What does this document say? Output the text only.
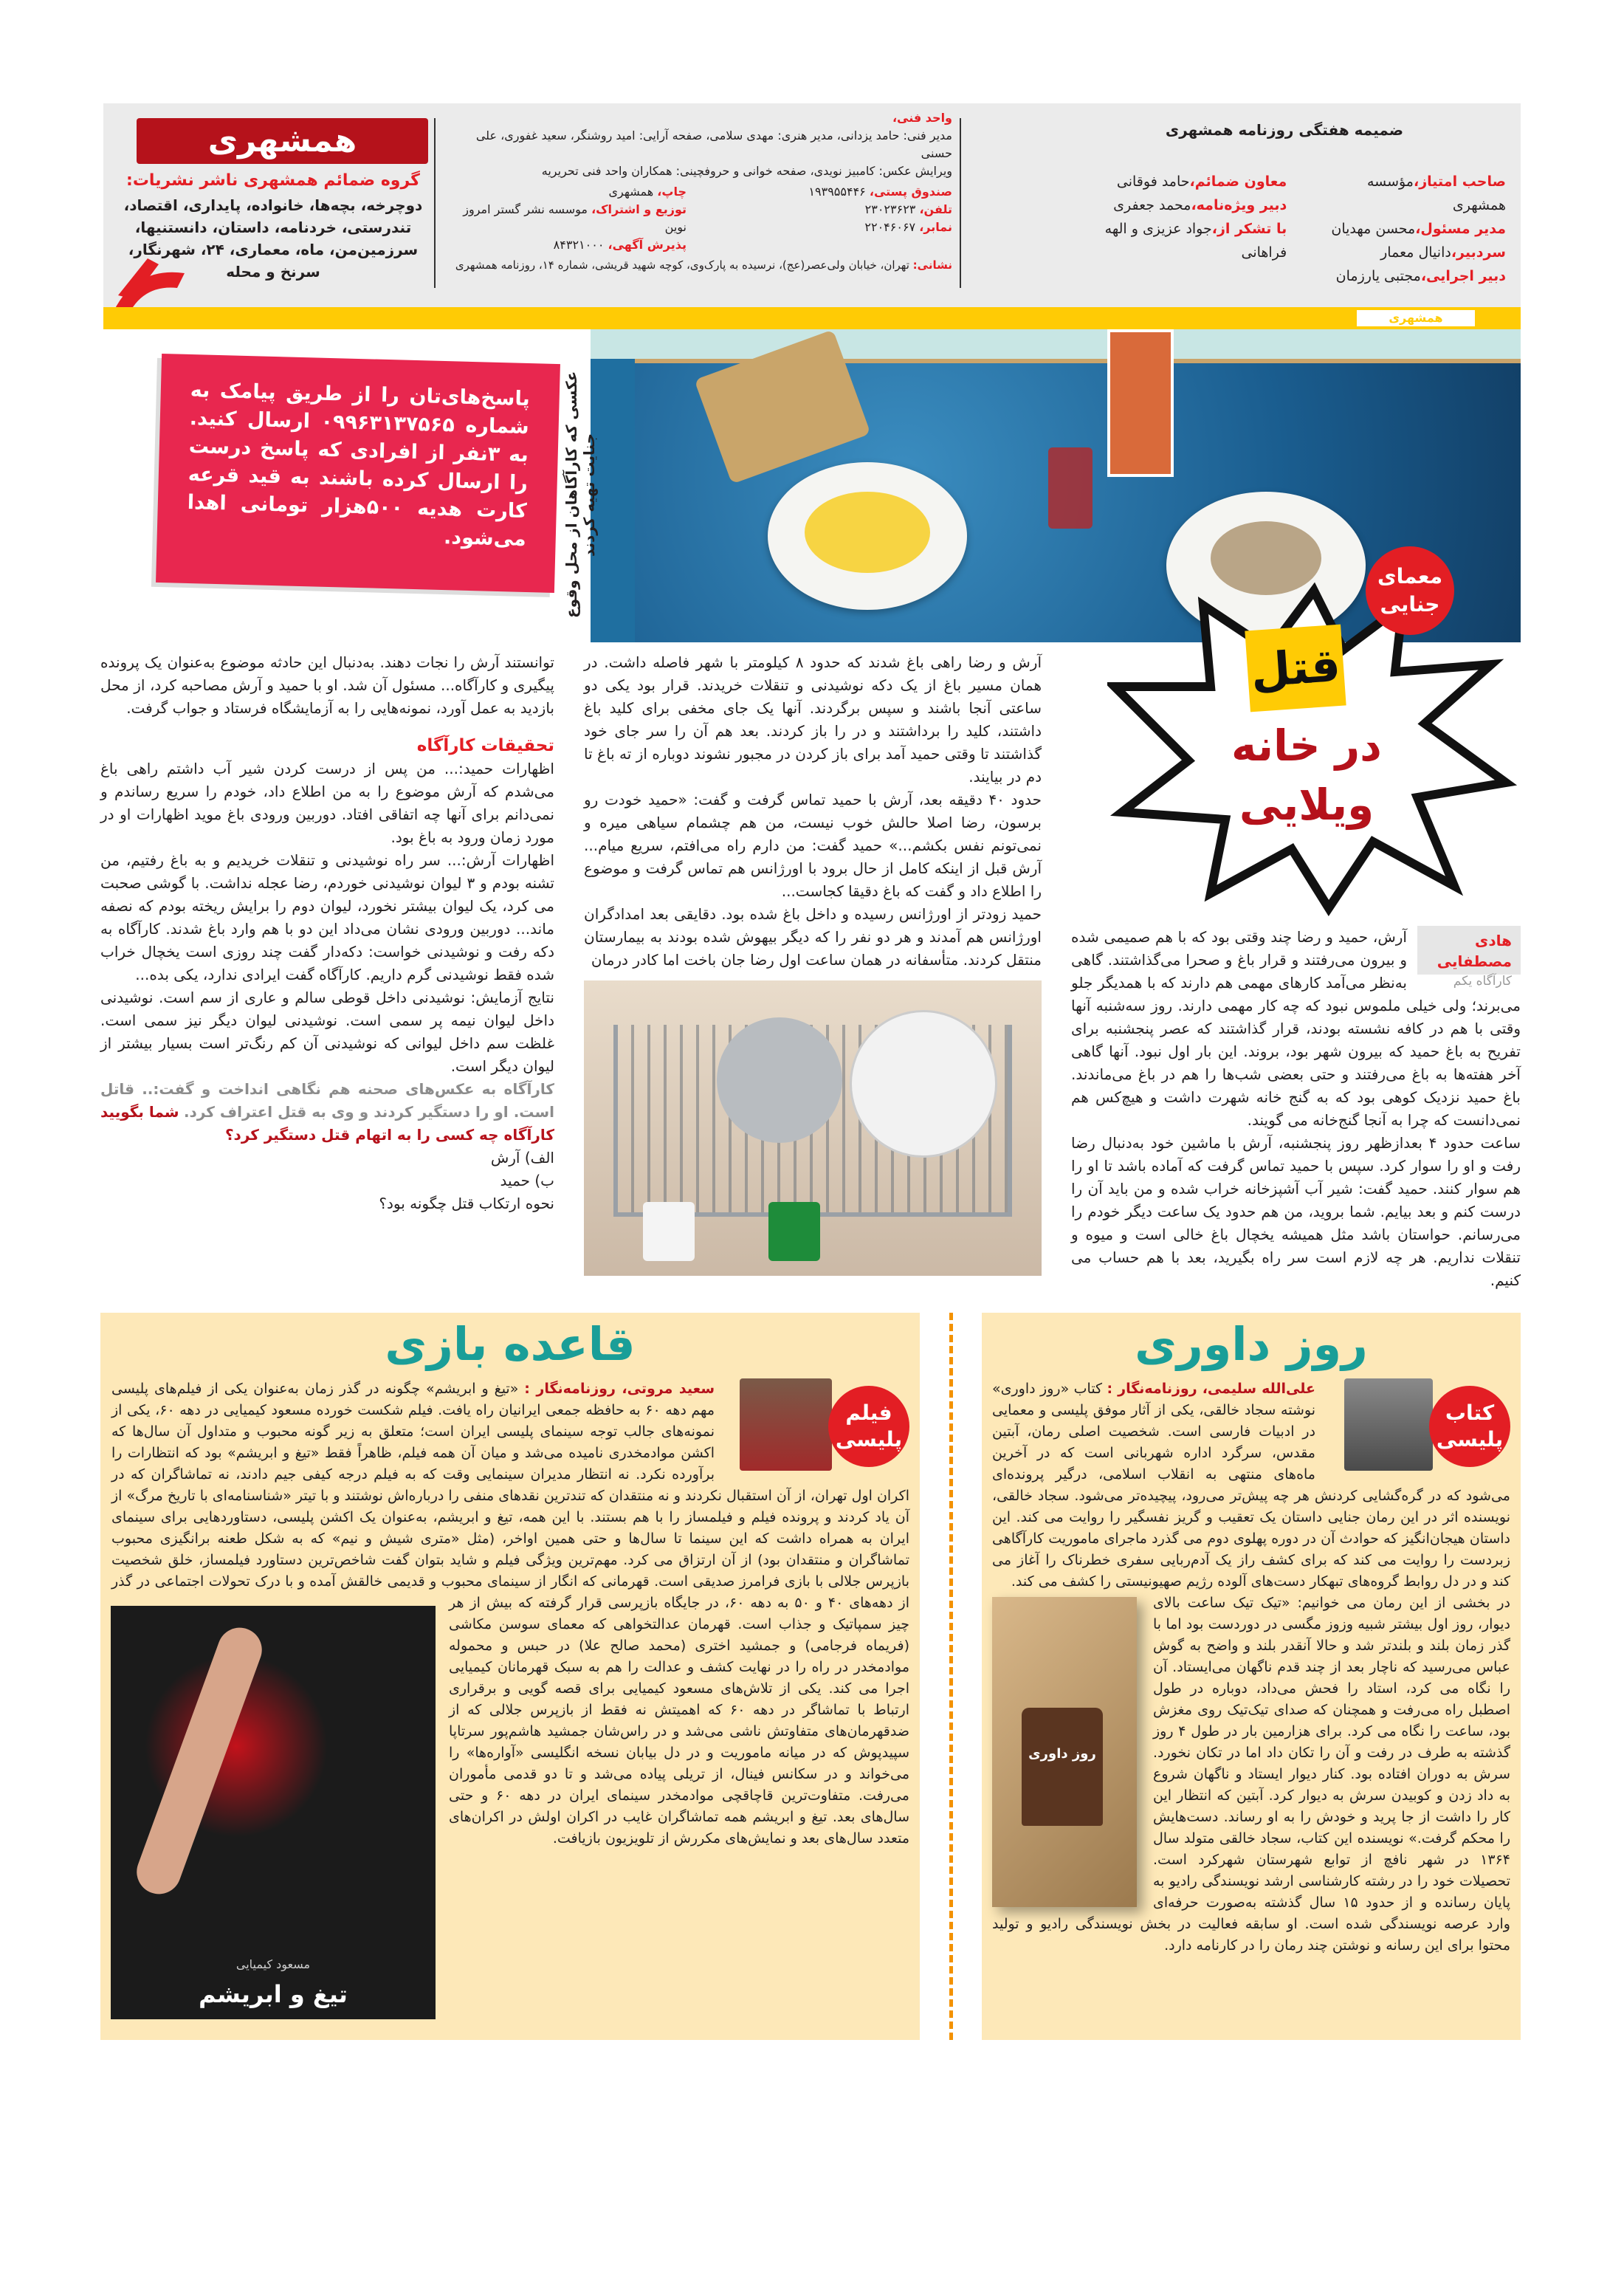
همشهری
گروه ضمائم همشهری ناشر نشریات:
دوچرخه، بچه‌ها، خانواده، پایداری، اقتصاد،
تندرستی، خردنامه، داستان، دانستنیها،
سرزمین‌من، ماه، معماری، ۲۴، شهرنگار،
سرنخ و محله
واحد فنی،
مدیر فنی: حامد یزدانی، مدیر هنری: مهدی سلامی، صفحه آرایی: امید روشنگر، سعید غفوری، علی حسنی
ویرایش عکس: کامبیز نویدی، صفحه خوانی و حروفچینی: همکاران واحد فنی تحریریه
صندوق پستی، ۱۹۳۹۵۵۴۴۶
تلفن، ۲۳۰۲۳۶۲۳
نمابر، ۲۲۰۴۶۰۶۷
چاپ، همشهری
توزیع و اشتراک، موسسه نشر گستر امروز نوین
پذیرش آگهی، ۸۴۳۲۱۰۰۰
نشانی: تهران، خیابان ولی‌عصر(عج)، نرسیده به پارک‌وی، کوچه شهید قریشی، شماره ۱۴، روزنامه همشهری
ضمیمه هفتگی روزنامه همشهری
صاحب امتیاز،مؤسسه همشهری
مدیر مسئول،محسن مهدیان
سردبیر،دانیال معمار
دبیر اجرایی،مجتبی یارزمان
معاون ضمائم،حامد فوقانی
دبیر ویژه‌نامه،محمد جعفری
با تشکر از،جواد عزیزی و الهه فراهانی
همشهری
پاسخ‌های‌تان را از طریق پیامک به شماره ۰۹۹۶۳۱۳۷۵۶۵ ارسال کنید. به ۳نفر از افرادی که پاسخ درست را ارسال کرده باشند به قید قرعه کارت هدیه ۵۰۰هزار تومانی اهدا می‌شود.	عکسی که کارآگاهان از محل وقوع جنایت تهیه کردند
قتل
در خانه
ویلایی
معمای
جنایی

توانستند آرش را نجات دهند. به‌دنبال این حادثه موضوع به‌عنوان یک پرونده پیگیری و کارآگاه... مسئول آن شد. او با حمید و آرش مصاحبه کرد، از محل بازدید به عمل آورد، نمونه‌هایی را به آزمایشگاه فرستاد و جواب گرفت.

تحقیقات کارآگاه

اظهارات حمید:... من پس از درست کردن شیر آب داشتم راهی باغ می‌شدم که آرش موضوع را به من اطلاع داد، خودم را سریع رساندم و نمی‌دانم برای آنها چه اتفاقی افتاد. دوربین ورودی باغ موید اظهارات او در مورد زمان ورود به باغ بود.

اظهارات آرش:... سر راه نوشیدنی و تنقلات خریدیم و به باغ رفتیم، من تشنه بودم و ۳ لیوان نوشیدنی خوردم، رضا عجله نداشت. با گوشی صحبت می کرد، یک لیوان بیشتر نخورد، لیوان دوم را برایش ریخته بودم که نصفه ماند... دوربین ورودی نشان می‌داد این دو با هم وارد باغ شدند. کارآگاه به دکه رفت و نوشیدنی خواست: دکه‌دار گفت چند روزی است یخچال خراب شده فقط نوشیدنی گرم داریم. کارآگاه گفت ایرادی ندارد، یکی بده...

نتایج آزمایش: نوشیدنی داخل قوطی سالم و عاری از سم است. نوشیدنی داخل لیوان نیمه پر سمی است. نوشیدنی لیوان دیگر نیز سمی است. غلظت سم داخل لیوانی که نوشیدنی آن کم رنگ‌تر است بسیار بیشتر از لیوان دیگر است.

کارآگاه به عکس‌های صحنه هم نگاهی انداخت و گفت:.. قاتل است. او را دستگیر کردند و وی به قتل اعتراف کرد. شما بگویید کارآگاه چه کسی را به اتهام قتل دستگیر کرد؟

الف) آرش

ب) حمید

نحوه ارتکاب قتل چگونه بود؟

آرش و رضا راهی باغ شدند که حدود ۸ کیلومتر با شهر فاصله داشت. در همان مسیر باغ از یک دکه نوشیدنی و تنقلات خریدند. قرار بود یکی دو ساعتی آنجا باشند و سپس برگردند. آنها یک جای مخفی برای کلید باغ داشتند، کلید را برداشتند و در را باز کردند. بعد هم آن را سر جای خود گذاشتند تا وقتی حمید آمد برای باز کردن در مجبور نشوند دوباره از ته باغ تا دم در بیایند.

حدود ۴۰ دقیقه بعد، آرش با حمید تماس گرفت و گفت: «حمید خودت رو برسون، رضا اصلا حالش خوب نیست، من هم چشمام سیاهی میره و نمی‌تونم نفس بکشم...» حمید گفت: من دارم راه می‌افتم، سریع میام... آرش قبل از اینکه کامل از حال برود با اورژانس هم تماس گرفت و موضوع را اطلاع داد و گفت که باغ دقیقا کجاست...

حمید زودتر از اورژانس رسیده و داخل باغ شده بود. دقایقی بعد امدادگران اورژانس هم آمدند و هر دو نفر را که دیگر بیهوش شده بودند به بیمارستان منتقل کردند. متأسفانه در همان ساعت اول رضا جان باخت اما کادر درمان

هادی مصطفایی
کارآگاه یکم

آرش، حمید و رضا چند وقتی بود که با هم صمیمی شده و بیرون می‌رفتند و قرار باغ و صحرا می‌گذاشتند. گاهی به‌نظر می‌آمد کارهای مهمی هم دارند که با همدیگر جلو می‌برند؛ ولی خیلی ملموس نبود که چه کار مهمی دارند. روز سه‌شنبه آنها وقتی با هم در کافه نشسته بودند، قرار گذاشتند که عصر پنجشنبه برای تفریح به باغ حمید که بیرون شهر بود، بروند. این بار اول نبود. آنها گاهی آخر هفته‌ها به باغ می‌رفتند و حتی بعضی شب‌ها را هم در باغ می‌ماندند. باغ حمید نزدیک کوهی بود که به گنج خانه شهرت داشت و هیچ‌کس هم نمی‌دانست که چرا به آنجا گنج‌خانه می گویند.

ساعت حدود ۴ بعدازظهر روز پنجشنبه، آرش با ماشین خود به‌دنبال رضا رفت و او را سوار کرد. سپس با حمید تماس گرفت که آماده باشد تا او را هم سوار کنند. حمید گفت: شیر آب آشپزخانه خراب شده و من باید آن را درست کنم و بعد بیایم. شما بروید، من هم حدود یک ساعت دیگر خودم را می‌رسانم. حواستان باشد مثل همیشه یخچال باغ خالی است و میوه و تنقلات نداریم. هر چه لازم است سر راه بگیرید، بعد با هم حساب می کنیم.

قاعده بازی
فیلم
پلیسی
مسعود کیمیایی
تیغ و ابریشم

سعید مروتی، روزنامه‌نگار : «تیغ و ابریشم» چگونه در گذر زمان به‌عنوان یکی از فیلم‌های پلیسی مهم دهه ۶۰ به حافظه جمعی ایرانیان راه یافت. فیلم شکست خورده مسعود کیمیایی در دهه ۶۰، یکی از نمونه‌های جالب توجه سینمای پلیسی ایران است؛ متعلق به زیر گونه محبوب و متداول آن سال‌ها که اکشن موادمخدری نامیده می‌شد و میان آن همه فیلم، ظاهراً فقط «تیغ و ابریشم» بود که انتظارات را برآورده نکرد. نه انتظار مدیران سینمایی وقت که به فیلم درجه کیفی جیم دادند، نه تماشاگران که در اکران اول تهران، از آن استقبال نکردند و نه منتقدان که تندترین نقدهای منفی را درباره‌اش نوشتند و با تیتر «شناسنامه‌ای با تاریخ مرگ» از آن یاد کردند و پرونده فیلم و فیلمساز را با هم بستند. با این همه، تیغ و ابریشم، به‌عنوان یک اکشن پلیسی، دستاوردهایی برای سینمای ایران به همراه داشت که این سینما تا سال‌ها و حتی همین اواخر، (مثل «متری شیش و نیم» که به شکل طعنه برانگیزی محبوب تماشاگران و منتقدان بود) از آن ارتزاق می کرد. مهم‌ترین ویژگی فیلم و شاید بتوان گفت شاخص‌ترین دستاورد فیلمساز، خلق شخصیت بازپرس جلالی با بازی فرامرز صدیقی است. قهرمانی که انگار از سینمای محبوب و قدیمی خالقش آمده و با درک تحولات اجتماعی در گذر از دهه‌های ۴۰ و ۵۰ به دهه ۶۰، در جایگاه بازپرسی قرار گرفته که بیش از هر چیز سمپاتیک و جذاب است. قهرمان عدالتخواهی که معمای سوسن مکاشی (فریماه فرجامی) و جمشید اختری (محمد صالح علا) در حبس و محموله موادمخدر در راه را در نهایت کشف و عدالت را هم به سبک قهرمانان کیمیایی اجرا می کند. یکی از تلاش‌های مسعود کیمیایی برای قصه گویی و برقراری ارتباط با تماشاگر در دهه ۶۰ که اهمیتش نه فقط از بازپرس جلالی که از ضدقهرمان‌های متفاوتش ناشی می‌شد و در راس‌شان جمشید هاشم‌پور سرتاپا سپیدپوش که در میانه ماموریت و در دل بیابان نسخه انگلیسی «آواره‌ها» را می‌خواند و در سکانس فینال، از تریلی پیاده می‌شد و تا دو قدمی مأموران می‌رفت. متفاوت‌ترین قاچاقچی موادمخدر سینمای ایران در دهه ۶۰ و حتی سال‌های بعد. تیغ و ابریشم همه تماشاگران غایب در اکران اولش در اکران‌های متعدد سال‌های بعد و نمایش‌های مکررش از تلویزیون بازیافت.

روز داوری
کتاب
پلیسی

علی‌الله سلیمی، روزنامه‌نگار : کتاب «روز داوری» نوشته سجاد خالقی، یکی از آثار موفق پلیسی و معمایی در ادبیات فارسی است. شخصیت اصلی رمان، آبتین مقدس، سرگرد اداره شهربانی است که در آخرین ماه‌های منتهی به انقلاب اسلامی، درگیر پرونده‌ای می‌شود که در گره‌گشایی کردنش هر چه پیش‌تر می‌رود، پیچیده‌تر می‌شود. سجاد خالقی، نویسنده اثر در این رمان جنایی داستان یک تعقیب و گریز نفسگیر را روایت می کند. این داستان هیجان‌انگیز که حوادث آن در دوره پهلوی دوم می گذرد ماجرای ماموریت کارآگاهی زبردست را روایت می کند که برای کشف راز یک آدم‌ربایی سفری خطرناک را آغاز می کند و در دل روابط گروه‌های تبهکار دست‌های آلوده رژیم صهیونیستی را کشف می کند.

روز داوری

در بخشی از این رمان می خوانیم: «تیک تیک ساعت بالای دیوار، روز اول بیشتر شبیه وزوز مگسی در دوردست بود اما با گذر زمان بلند و بلندتر شد و حالا آنقدر بلند و واضح به گوش عباس می‌رسید که ناچار بعد از چند قدم ناگهان می‌ایستاد. آن را نگاه می کرد، استاد را فحش می‌داد، دوباره در طول اصطبل راه می‌رفت و همچنان که صدای تیک‌تیک روی مغزش بود، ساعت را نگاه می کرد. برای هزارمین بار در طول ۴ روز گذشته به طرف در رفت و آن را تکان داد اما در تکان نخورد. سرش به دوران افتاده بود. کنار دیوار ایستاد و ناگهان شروع به داد زدن و کوبیدن سرش به دیوار کرد. آبتین که انتظار این کار را داشت از جا پرید و خودش را به او رساند. دست‌هایش را محکم گرفت.» نویسنده این کتاب، سجاد خالقی متولد سال ۱۳۶۴ در شهر نافچ از توابع شهرستان شهرکرد است. تحصیلات خود را در رشته کارشناسی ارشد نویسندگی رادیو به پایان رسانده و از حدود ۱۵ سال گذشته به‌صورت حرفه‌ای وارد عرصه نویسندگی شده است. او سابقه فعالیت در بخش نویسندگی رادیو و تولید محتوا برای این رسانه و نوشتن چند رمان را در کارنامه دارد.
